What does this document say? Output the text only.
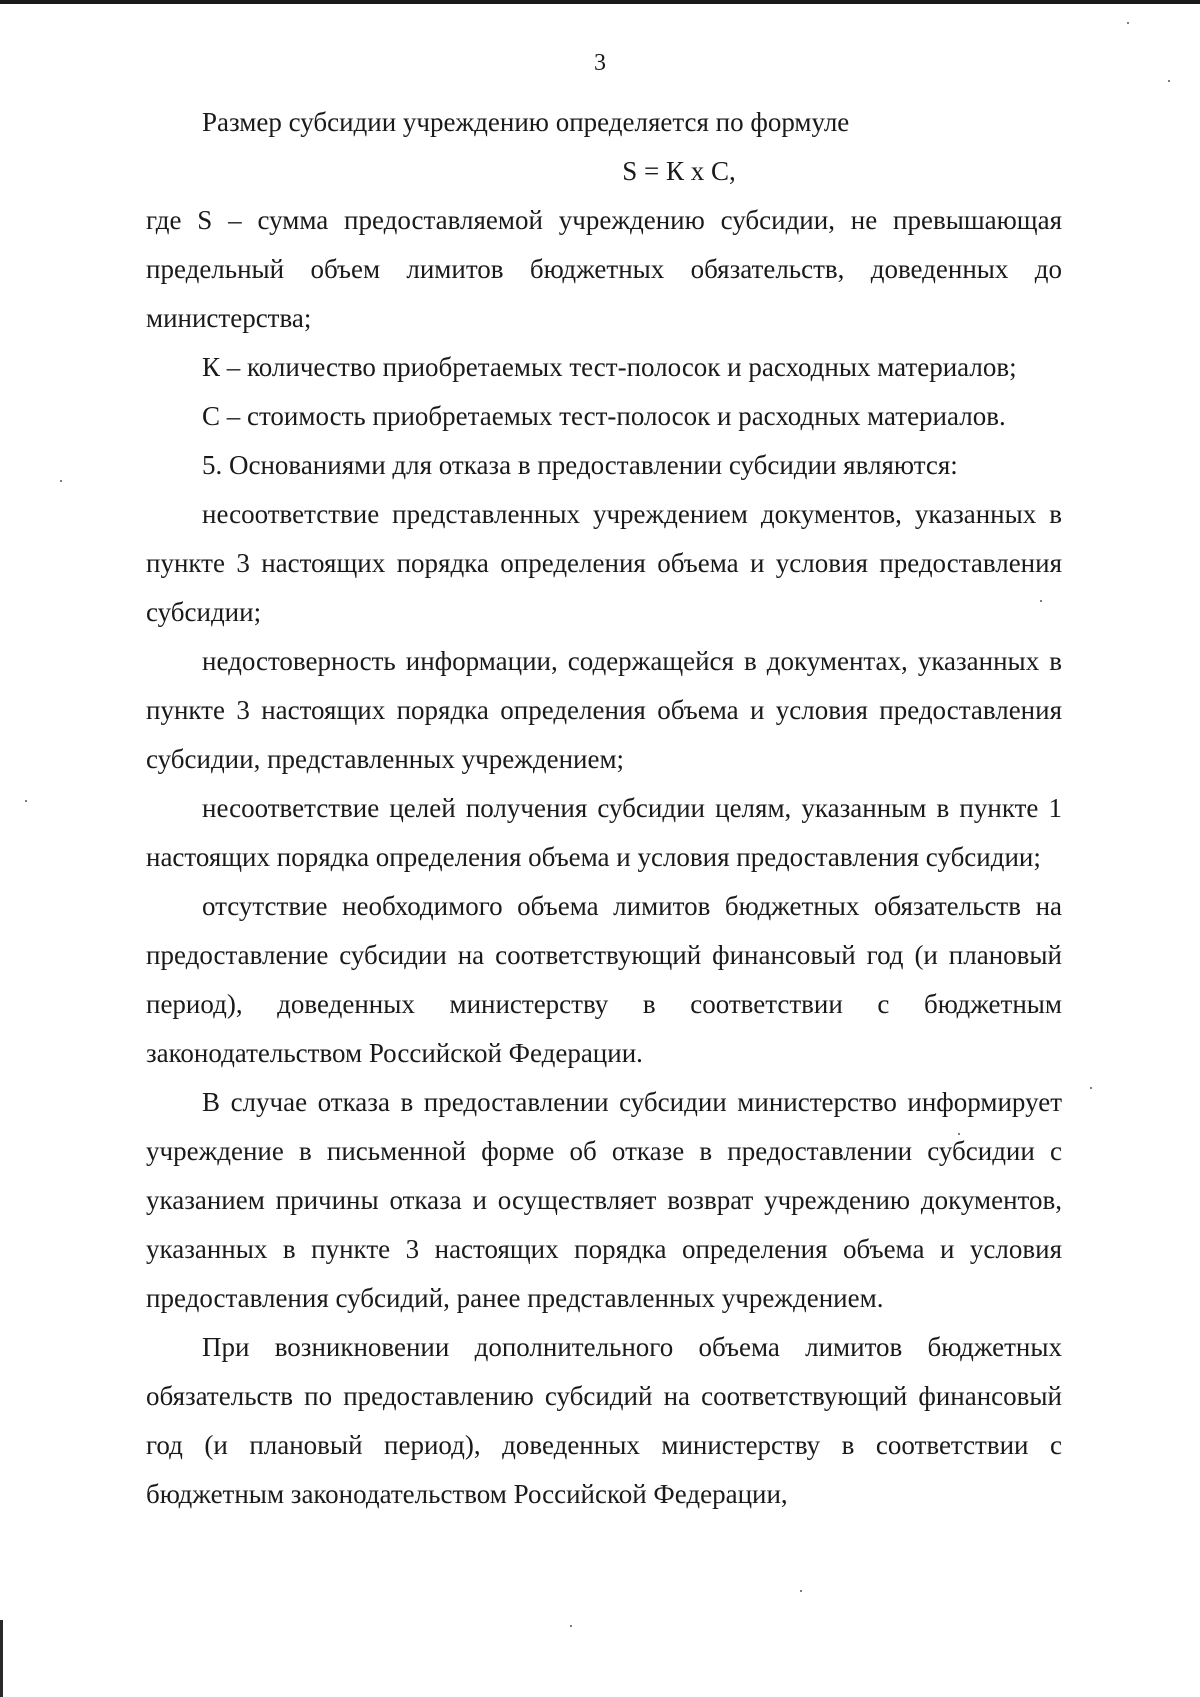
3

Размер субсидии учреждению определяется по формуле

S = К х С,

где S – сумма предоставляемой учреждению субсидии, не превышающая предельный объем лимитов бюджетных обязательств, доведенных до министерства;

К – количество приобретаемых тест-полосок и расходных материалов;

С – стоимость приобретаемых тест-полосок и расходных материалов.

5. Основаниями для отказа в предоставлении субсидии являются:

несоответствие представленных учреждением документов, указанных в пункте 3 настоящих порядка определения объема и условия предоставления субсидии;

недостоверность информации, содержащейся в документах, указанных в пункте 3 настоящих порядка определения объема и условия предоставления субсидии, представленных учреждением;

несоответствие целей получения субсидии целям, указанным в пункте 1 настоящих порядка определения объема и условия предоставления субсидии;

отсутствие необходимого объема лимитов бюджетных обязательств на предоставление субсидии на соответствующий финансовый год (и плановый период), доведенных министерству в соответствии с бюджетным законодательством Российской Федерации.

В случае отказа в предоставлении субсидии министерство информирует учреждение в письменной форме об отказе в предоставлении субсидии с указанием причины отказа и осуществляет возврат учреждению документов, указанных в пункте 3 настоящих порядка определения объема и условия предоставления субсидий, ранее представленных учреждением.

При возникновении дополнительного объема лимитов бюджетных обязательств по предоставлению субсидий на соответствующий финансовый год (и плановый период), доведенных министерству в соответствии с бюджетным законодательством Российской Федерации,
